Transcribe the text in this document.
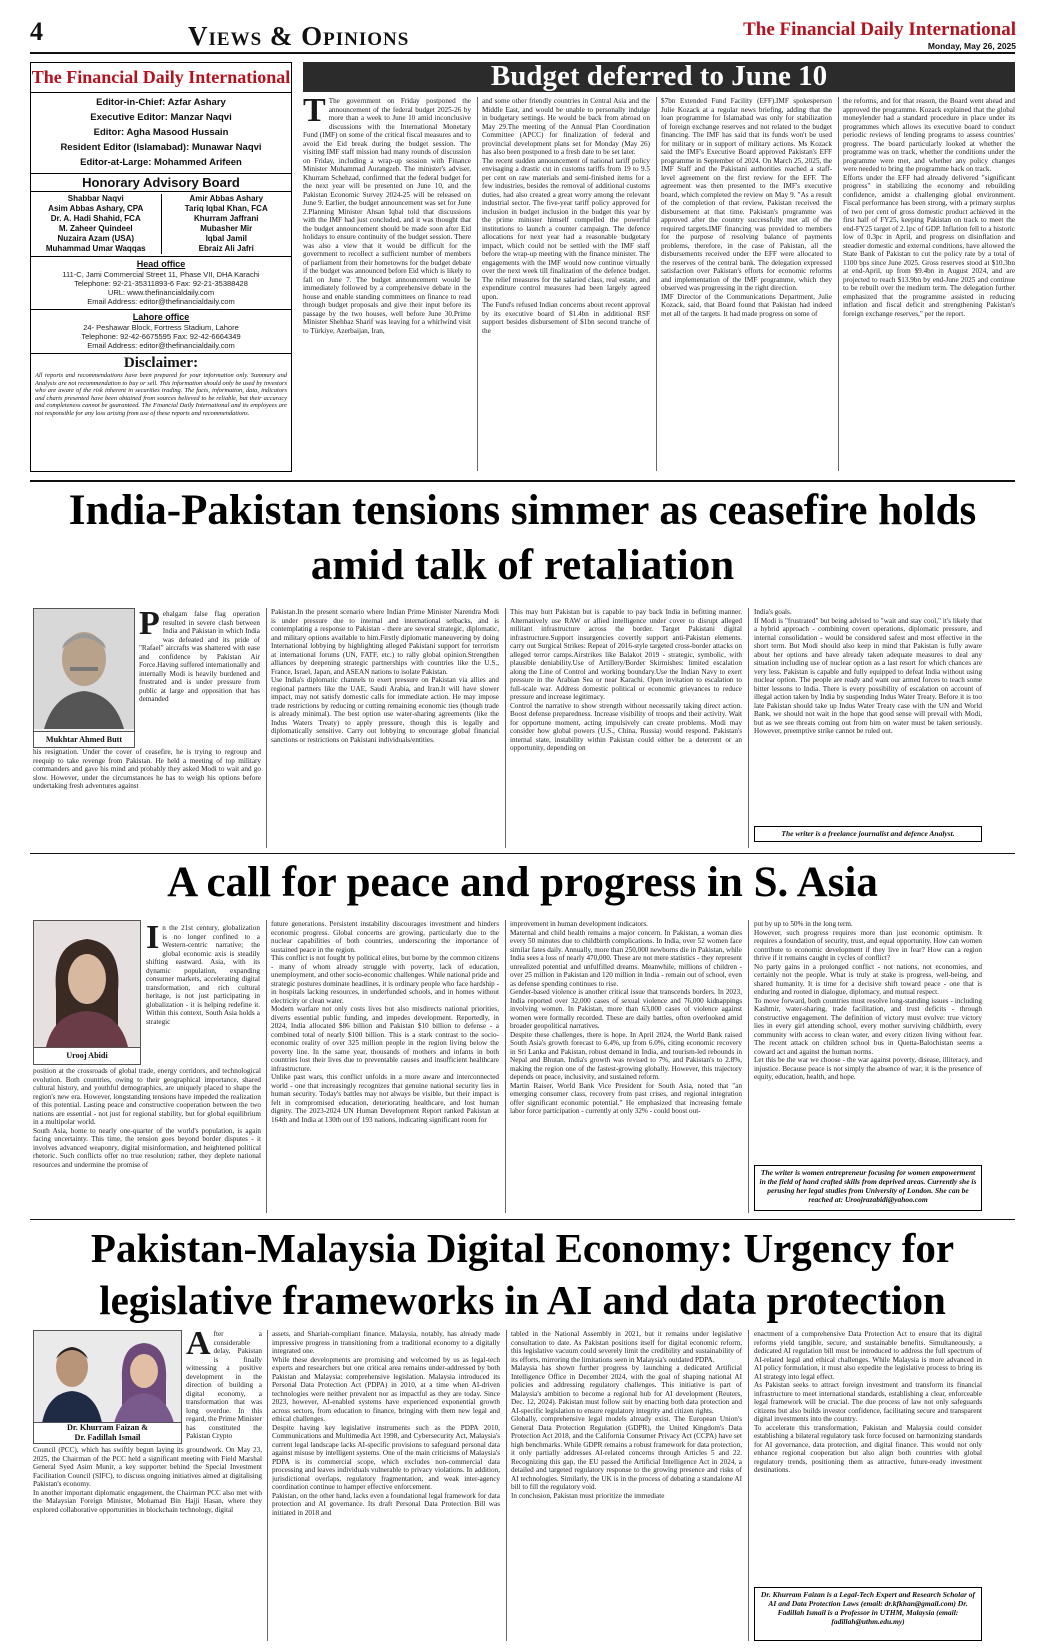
4	Views & Opinions	The Financial Daily International
Monday, May 26, 2025
The Financial Daily International
Editor-in-Chief: Azfar Ashary
Executive Editor: Manzar Naqvi
Editor: Agha Masood Hussain
Resident Editor (Islamabad): Munawar Naqvi
Editor-at-Large: Mohammed Arifeen
Honorary Advisory Board
Shabbar Naqvi
Asim Abbas Ashary, CPA
Dr. A. Hadi Shahid, FCA
M. Zaheer Quindeel
Nuzaira Azam (USA)
Muhammad Umar Waqqas
Amir Abbas Ashary
Tariq Iqbal Khan, FCA
Khurram Jaffrani
Mubasher Mir
Iqbal Jamil
Ebraiz Ali Jafri
Head office
111-C, Jami Commercial Street 11, Phase VII, DHA Karachi
Telephone: 92-21-35311893-6 Fax: 92-21-35388428
URL: www.thefinancialdaily.com
Email Address: editor@thefinancialdaily.com
Lahore office
24- Peshawar Block, Fortress Stadium, Lahore
Telephone: 92-42-6675595 Fax: 92-42-6664349
Email Address: editor@thefinancialdaily.com
Disclaimer:
All reports and recommendations have been prepared for your information only. Summary and Analysis are not recommendation to buy or sell. This information should only be used by investors who are aware of the risk inherent in securities trading. The facts, information, data, indicators and charts presented have been obtained from sources believed to be reliable, but their accuracy and completeness cannot be guaranteed. The Financial Daily International and its employees are not responsible for any loss arising from use of these reports and recommendations.
Budget deferred to June 10
T The government on Friday postponed the announcement of the federal budget 2025-26 by more than a week to June 10 amid inconclusive discussions with the International Monetary Fund (IMF) on some of the critical fiscal measures and to avoid the Eid break during the budget session. The visiting IMF staff mission had many rounds of discussion on Friday, including a wrap-up session with Finance Minister Muhammad Aurangzeb. The minister's adviser, Khurram Schehzad, confirmed that the federal budget for the next year will be presented on June 10, and the Pakistan Economic Survey 2024-25 will be released on June 9. Earlier, the budget announcement was set for June 2.Planning Minister Ahsan Iqbal told that discussions with the IMF had just concluded, and it was thought that the budget announcement should be made soon after Eid holidays to ensure continuity of the budget session. There was also a view that it would be difficult for the government to recollect a sufficient number of members of parliament from their hometowns for the budget debate if the budget was announced before Eid which is likely to fall on June 7. The budget announcement would be immediately followed by a comprehensive debate in the house and enable standing committees on finance to read through budget proposals and give their input before its passage by the two houses, well before June 30.Prime Minister Shehbaz Sharif was leaving for a whirlwind visit to Türkiye, Azerbaijan, Iran,
and some other friendly countries in Central Asia and the Middle East, and would be unable to personally indulge in budgetary settings. He would be back from abroad on May 29.The meeting of the Annual Plan Coordination Committee (APCC) for finalization of federal and provincial development plans set for Monday (May 26) has also been postponed to a fresh date to be set later.
The recent sudden announcement of national tariff policy envisaging a drastic cut in customs tariffs from 19 to 9.5 per cent on raw materials and semi-finished items for a few industries, besides the removal of additional customs duties, had also created a great worry among the relevant industrial sector. The five-year tariff policy approved for inclusion in budget inclusion in the budget this year by the prime minister himself compelled the powerful institutions to launch a counter campaign. The defence allocations for next year had a reasonable budgetary impact, which could not be settled with the IMF staff before the wrap-up meeting with the finance minister. The engagements with the IMF would now continue virtually over the next week till finalization of the defence budget. The relief measures for the salaried class, real estate, and expenditure control measures had been largely agreed upon.
The Fund's refused Indian concerns about recent approval by its executive board of $1.4bn in additional RSF support besides disbursement of $1bn second tranche of the
$7bn Extended Fund Facility (EFF).IMF spokesperson Julie Kozack at a regular news briefing, adding that the loan programme for Islamabad was only for stabilization of foreign exchange reserves and not related to the budget financing. The IMF has said that its funds won't be used for military or in support of military actions. Ms Kozack said the IMF's Executive Board approved Pakistan's EFF programme in September of 2024. On March 25, 2025, the IMF Staff and the Pakistani authorities reached a staff-level agreement on the first review for the EFF. The agreement was then presented to the IMF's executive board, which completed the review on May 9. "As a result of the completion of that review, Pakistan received the disbursement at that time. Pakistan's programme was approved after the country successfully met all of the required targets.IMF financing was provided to members for the purpose of resolving balance of payments problems, therefore, in the case of Pakistan, all the disbursements received under the EFF were allocated to the reserves of the central bank. The delegation expressed satisfaction over Pakistan's efforts for economic reforms and implementation of the IMF programme, which they observed was progressing in the right direction.
IMF Director of the Communications Department, Julie Kozack, said, that Board found that Pakistan had indeed met all of the targets. It had made progress on some of
the reforms, and for that reason, the Board went ahead and approved the programme. Kozack explained that the global moneylender had a standard procedure in place under its programmes which allows its executive board to conduct periodic reviews of lending programs to assess countries' progress. The board particularly looked at whether the programme was on track, whether the conditions under the programme were met, and whether any policy changes were needed to bring the programme back on track.
Efforts under the EFF had already delivered "significant progress" in stabilizing the economy and rebuilding confidence, amidst a challenging global environment. Fiscal performance has been strong, with a primary surplus of two per cent of gross domestic product achieved in the first half of FY25, keeping Pakistan on track to meet the end-FY25 target of 2.1pc of GDP. Inflation fell to a historic low of 0.3pc in April, and progress on disinflation and steadier domestic and external conditions, have allowed the State Bank of Pakistan to cut the policy rate by a total of 1100 bps since June 2025. Gross reserves stood at $10.3bn at end-April, up from $9.4bn in August 2024, and are projected to reach $13.9bn by end-June 2025 and continue to be rebuilt over the medium term. The delegation further emphasized that the programme assisted in reducing inflation and fiscal deficit and strengthening Pakistan's foreign exchange reserves," per the report.
India-Pakistan tensions simmer as ceasefire holds amid talk of retaliation
Mukhtar Ahmed Butt
Pehalgam false flag operation resulted in severe clash between India and Pakistan in which India was defeated and its pride of "Rafael" aircrafts was shattered with ease and confidence by Pakistan Air Force.Having suffered internationally and internally Modi is heavily burdened and frustrated and is under pressure from public at large and opposition that has demanded
his resignation. Under the cover of ceasefire, he is trying to regroup and reequip to take revenge from Pakistan. He held a meeting of top military commanders and gave his mind and probably they asked Modi to wait and go slow. However, under the circumstances he has to weigh his options before undertaking fresh adventures against
Pakistan.In the present scenario where Indian Prime Minister Narendra Modi is under pressure due to internal and international setbacks, and is contemplating a response to Pakistan - there are several strategic, diplomatic, and military options available to him.Firstly diplomatic maneuvering by doing International lobbying by highlighting alleged Pakistani support for terrorism at international forums (UN, FATF, etc.) to rally global opinion.Strengthen alliances by deepening strategic partnerships with countries like the U.S., France, Israel, Japan, and ASEAN nations to isolate Pakistan.
Use India's diplomatic channels to exert pressure on Pakistan via allies and regional partners like the UAE, Saudi Arabia, and Iran.It will have slower impact, may not satisfy domestic calls for immediate action. He may impose trade restrictions by reducing or cutting remaining economic ties (though trade is already minimal). The best option use water-sharing agreements (like the Indus Waters Treaty) to apply pressure, though this is legally and diplomatically sensitive. Carry out lobbying to encourage global financial sanctions or restrictions on Pakistani individuals/entities.
This may hurt Pakistan but is capable to pay back India in befitting manner. Alternatively use RAW or allied intelligence under cover to disrupt alleged militant infrastructure across the border. Target Pakistani digital infrastructure.Support insurgencies covertly support anti-Pakistan elements. carry out Surgical Strikes: Repeat of 2016-style targeted cross-border attacks on alleged terror camps.Airstrikes like Balakot 2019 - strategic, symbolic, with plausible deniability.Use of Artillery/Border Skirmishes: limited escalation along the Line of Control and working boundary.Use the Indian Navy to exert pressure in the Arabian Sea or near Karachi. Open invitation to escalation to full-scale war. Address domestic political or economic grievances to reduce pressure and increase legitimacy.
Control the narrative to show strength without necessarily taking direct action. Boost defense preparedness. Increase visibility of troops and their activity. Wait for opportune moment, acting impulsively can create problems. Modi may consider how global powers (U.S., China, Russia) would respond. Pakistan's internal state, instability within Pakistan could either be a deterrent or an opportunity, depending on
India's goals.
If Modi is "frustrated" but being advised to "wait and stay cool," it's likely that a hybrid approach - combining covert operations, diplomatic pressure, and internal consolidation - would be considered safest and most effective in the short term. But Modi should also keep in mind that Pakistan is fully aware about her options and have already taken adequate measures to deal any situation including use of nuclear option as a last resort for which chances are very less. Pakistan is capable and fully equipped to defeat India without using nuclear option. The people are ready and want our armed forces to teach some bitter lessons to India. There is every possibility of escalation on account of illegal action taken by India by suspending Indus Water Treaty. Before it is too late Pakistan should take up Indus Water Treaty case with the UN and World Bank, we should not wait in the hope that good sense will prevail with Modi, but as we see threats coming out from him on water must be taken seriously. However, preemptive strike cannot be ruled out.
The writer is a freelance journalist and defence Analyst.
A call for peace and progress in S. Asia
Urooj Abidi
In the 21st century, globalization is no longer confined to a Western-centric narrative; the global economic axis is steadily shifting eastward. Asia, with its dynamic population, expanding consumer markets, accelerating digital transformation, and rich cultural heritage, is not just participating in globalization - it is helping redefine it. Within this context, South Asia holds a strategic
position at the crossroads of global trade, energy corridors, and technological evolution. Both countries, owing to their geographical importance, shared cultural history, and youthful demographics, are uniquely placed to shape the region's new era. However, longstanding tensions have impeded the realization of this potential. Lasting peace and constructive cooperation between the two nations are essential - not just for regional stability, but for global equilibrium in a multipolar world.
South Asia, home to nearly one-quarter of the world's population, is again facing uncertainty. This time, the tension goes beyond border disputes - it involves advanced weaponry, digital misinformation, and heightened political rhetoric. Such conflicts offer no true resolution; rather, they deplete national resources and undermine the promise of
future generations. Persistent instability discourages investment and hinders economic progress. Global concerns are growing, particularly due to the nuclear capabilities of both countries, underscoring the importance of sustained peace in the region.
This conflict is not fought by political elites, but borne by the common citizens - many of whom already struggle with poverty, lack of education, unemployment, and other socio-economic challenges. While national pride and strategic postures dominate headlines, it is ordinary people who face hardship - in hospitals lacking resources, in underfunded schools, and in homes without electricity or clean water.
Modern warfare not only costs lives but also misdirects national priorities, diverts essential public funding, and impedes development. Reportedly, in 2024, India allocated $86 billion and Pakistan $10 billion to defense - a combined total of nearly $100 billion. This is a stark contrast to the socio-economic reality of over 325 million people in the region living below the poverty line. In the same year, thousands of mothers and infants in both countries lost their lives due to preventable causes and insufficient healthcare infrastructure.
Unlike past wars, this conflict unfolds in a more aware and interconnected world - one that increasingly recognizes that genuine national security lies in human security. Today's battles may not always be visible, but their impact is felt in compromised education, deteriorating healthcare, and lost human dignity. The 2023-2024 UN Human Development Report ranked Pakistan at 164th and India at 130th out of 193 nations, indicating significant room for
improvement in human development indicators.
Maternal and child health remains a major concern. In Pakistan, a woman dies every 50 minutes due to childbirth complications. In India, over 52 women face similar fates daily. Annually, more than 250,000 newborns die in Pakistan, while India sees a loss of nearly 470,000. These are not mere statistics - they represent unrealized potential and unfulfilled dreams. Meanwhile, millions of children - over 25 million in Pakistan and 120 million in India - remain out of school, even as defense spending continues to rise.
Gender-based violence is another critical issue that transcends borders. In 2023, India reported over 32,000 cases of sexual violence and 76,000 kidnappings involving women. In Pakistan, more than 63,000 cases of violence against women were formally recorded. These are daily battles, often overlooked amid broader geopolitical narratives.
Despite these challenges, there is hope. In April 2024, the World Bank raised South Asia's growth forecast to 6.4%, up from 6.0%, citing economic recovery in Sri Lanka and Pakistan, robust demand in India, and tourism-led rebounds in Nepal and Bhutan. India's growth was revised to 7%, and Pakistan's to 2.8%, making the region one of the fastest-growing globally. However, this trajectory depends on peace, inclusivity, and sustained reform.
Martin Raiser, World Bank Vice President for South Asia, noted that "an emerging consumer class, recovery from past crises, and regional integration offer significant economic potential." He emphasized that increasing female labor force participation - currently at only 32% - could boost out-
put by up to 50% in the long term.
However, such progress requires more than just economic optimism. It requires a foundation of security, trust, and equal opportunity. How can women contribute to economic development if they live in fear? How can a region thrive if it remains caught in cycles of conflict?
No party gains in a prolonged conflict - not nations, not economies, and certainly not the people. What is truly at stake is progress, well-being, and shared humanity. It is time for a decisive shift toward peace - one that is enduring and rooted in dialogue, diplomacy, and mutual respect.
To move forward, both countries must resolve long-standing issues - including Kashmir, water-sharing, trade facilitation, and trust deficits - through constructive engagement. The definition of victory must evolve: true victory lies in every girl attending school, every mother surviving childbirth, every community with access to clean water, and every citizen living without fear. The recent attack on children school bus in Quetta-Balochistan seems a coward act and against the human norms.
Let this be the war we choose - the war against poverty, disease, illiteracy, and injustice. Because peace is not simply the absence of war; it is the presence of equity, education, health, and hope.
The writer is women entrepreneur focusing for women empowerment in the field of hand crafted skills from deprived areas. Currently she is perusing her legal studies from University of London. She can be reached at: Uroojrazabidi@yahoo.com
Pakistan-Malaysia Digital Economy: Urgency for legislative frameworks in AI and data protection
Dr. Khurram Faizan &
Dr. Fadillah Ismail
After a considerable delay, Pakistan is finally witnessing a positive development in the direction of building a digital economy, a transformation that was long overdue. In this regard, the Prime Minister has constituted the Pakistan Crypto
Council (PCC), which has swiftly begun laying its groundwork. On May 23, 2025, the Chairman of the PCC held a significant meeting with Field Marshal General Syed Asim Munir, a key supporter behind the Special Investment Facilitation Council (SIFC), to discuss ongoing initiatives aimed at digitalising Pakistan's economy.
In another important diplomatic engagement, the Chairman PCC also met with the Malaysian Foreign Minister, Mohamad Bin Hajji Hasan, where they explored collaborative opportunities in blockchain technology, digital
assets, and Shariah-compliant finance. Malaysia, notably, has already made impressive progress in transitioning from a traditional economy to a digitally integrated one.
While these developments are promising and welcomed by us as legal-tech experts and researchers but one critical area remains under-addressed by both Pakistan and Malaysia: comprehensive legislation. Malaysia introduced its Personal Data Protection Act (PDPA) in 2010, at a time when AI-driven technologies were neither prevalent nor as impactful as they are today. Since 2023, however, AI-enabled systems have experienced exponential growth across sectors, from education to finance, bringing with them new legal and ethical challenges.
Despite having key legislative instruments such as the PDPA 2010, Communications and Multimedia Act 1998, and Cybersecurity Act, Malaysia's current legal landscape lacks AI-specific provisions to safeguard personal data against misuse by intelligent systems. One of the main criticisms of Malaysia's PDPA is its commercial scope, which excludes non-commercial data processing and leaves individuals vulnerable to privacy violations. In addition, jurisdictional overlaps, regulatory fragmentation, and weak inter-agency coordination continue to hamper effective enforcement.
Pakistan, on the other hand, lacks even a foundational legal framework for data protection and AI governance. Its draft Personal Data Protection Bill was initiated in 2018 and
tabled in the National Assembly in 2021, but it remains under legislative consultation to date. As Pakistan positions itself for digital economic reform, this legislative vacuum could severely limit the credibility and sustainability of its efforts, mirroring the limitations seen in Malaysia's outdated PDPA.
Malaysia has shown further progress by launching a dedicated Artificial Intelligence Office in December 2024, with the goal of shaping national AI policies and addressing regulatory challenges. This initiative is part of Malaysia's ambition to become a regional hub for AI development (Reuters, Dec. 12, 2024). Pakistan must follow suit by enacting both data protection and AI-specific legislation to ensure regulatory integrity and citizen rights.
Globally, comprehensive legal models already exist. The European Union's General Data Protection Regulation (GDPR), the United Kingdom's Data Protection Act 2018, and the California Consumer Privacy Act (CCPA) have set high benchmarks. While GDPR remains a robust framework for data protection, it only partially addresses AI-related concerns through Articles 5 and 22. Recognizing this gap, the EU passed the Artificial Intelligence Act in 2024, a detailed and targeted regulatory response to the growing presence and risks of AI technologies. Similarly, the UK is in the process of debating a standalone AI bill to fill the regulatory void.
In conclusion, Pakistan must prioritize the immediate
enactment of a comprehensive Data Protection Act to ensure that its digital reforms yield tangible, secure, and sustainable benefits. Simultaneously, a dedicated AI regulation bill must be introduced to address the full spectrum of AI-related legal and ethical challenges. While Malaysia is more advanced in AI policy formulation, it must also expedite the legislative process to bring its AI strategy into legal effect.
As Pakistan seeks to attract foreign investment and transform its financial infrastructure to meet international standards, establishing a clear, enforceable legal framework will be crucial. The due process of law not only safeguards citizens but also builds investor confidence, facilitating secure and transparent digital investments into the country.
To accelerate this transformation, Pakistan and Malaysia could consider establishing a bilateral regulatory task force focused on harmonizing standards for AI governance, data protection, and digital finance. This would not only enhance regional cooperation but also align both countries with global regulatory trends, positioning them as attractive, future-ready investment destinations.
Dr. Khurram Faizan is a Legal-Tech Expert and Research Scholar of AI and Data Protection Laws (email: dr.kfkhan@gmail.com) Dr. Fadillah Ismail is a Professor in UTHM, Malaysia (email: fadillah@uthm.edu.my)
